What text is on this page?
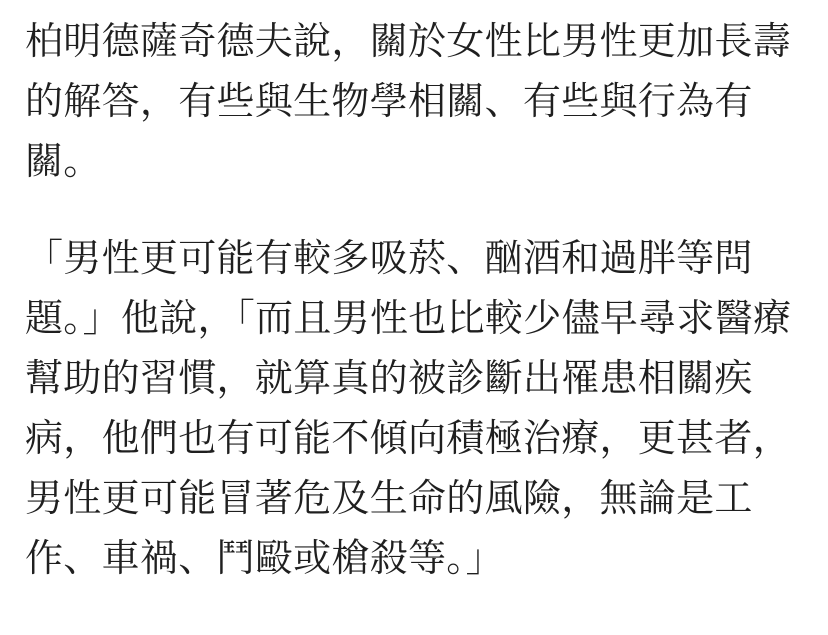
柏明德薩奇德夫說，關於女性比男性更加長壽的解答，有些與生物學相關、有些與行為有關。

「男性更可能有較多吸菸、酗酒和過胖等問題。」他說，「而且男性也比較少儘早尋求醫療幫助的習慣，就算真的被診斷出罹患相關疾病，他們也有可能不傾向積極治療，更甚者，男性更可能冒著危及生命的風險，無論是工作、車禍、鬥毆或槍殺等。」
